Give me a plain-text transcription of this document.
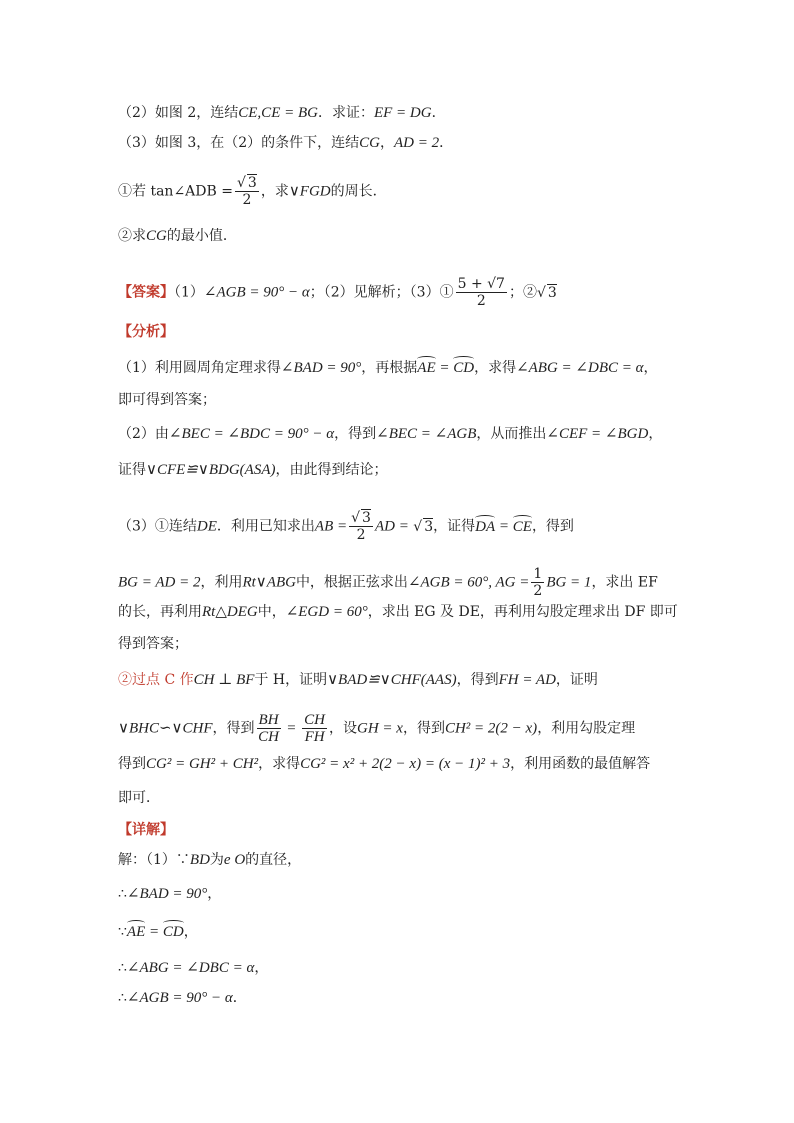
（2）如图 2，连结CE,CE = BG．求证：EF = DG．
（3）如图 3，在（2）的条件下，连结CG，AD = 2．
①若 tan∠ADB = $\frac{√ 3}{2}$ ，求∨FGD的周长．
②求CG的最小值．
【答案】（1）∠AGB = 90° − α；（2）见解析；（3）① $\frac{5 + √7}{2}$ ；②√ 3
【分析】
（1）利用圆周角定理求得∠BAD = 90°，再根据AE = CD，求得∠ABG = ∠DBC = α，
即可得到答案；
（2）由∠BEC = ∠BDC = 90° − α，得到∠BEC = ∠AGB，从而推出∠CEF = ∠BGD，
证得∨CFE≌∨BDG(ASA)，由此得到结论；
（3）①连结DE．利用已知求出AB = $\frac{√ 3}{2}$ AD = √ 3，证得DA = CE，得到
BG = AD = 2，利用Rt∨ABG中，根据正弦求出∠AGB = 60°, AG = $\frac{1}{2}$ BG = 1，求出 EF
的长，再利用Rt△DEG中，∠EGD = 60°，求出 EG 及 DE，再利用勾股定理求出 DF 即可
得到答案；
②过点 C 作CH ⊥ BF于 H，证明∨BAD≌∨CHF(AAS)，得到FH = AD，证明
∨BHC∽∨CHF，得到 $\frac{BH}{CH} = \frac{CH}{FH}$ ，设GH = x，得到CH² = 2(2 − x)，利用勾股定理
得到CG² = GH² + CH²，求得CG² = x² + 2(2 − x) = (x − 1)² + 3，利用函数的最值解答
即可．
【详解】
解：（1）∵BD为e O的直径，
∴∠BAD = 90°，
∵AE = CD，
∴∠ABG = ∠DBC = α，
∴∠AGB = 90° − α．
